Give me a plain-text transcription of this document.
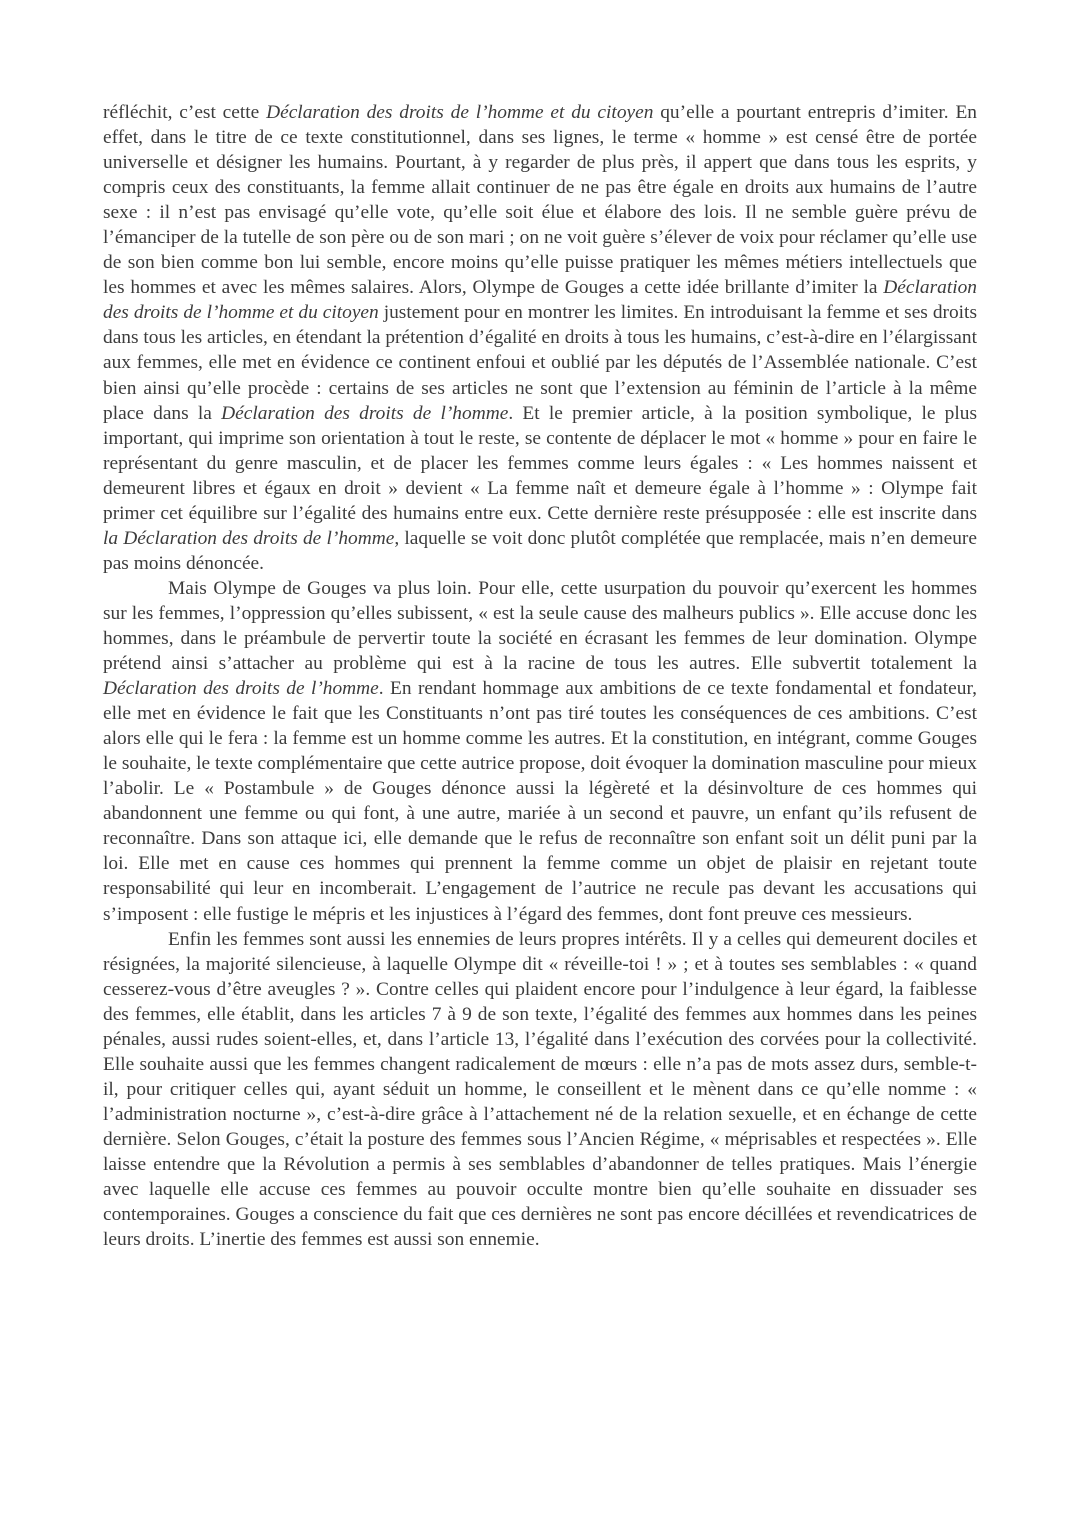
réfléchit, c’est cette Déclaration des droits de l’homme et du citoyen qu’elle a pourtant entrepris d’imiter. En effet, dans le titre de ce texte constitutionnel, dans ses lignes, le terme « homme » est censé être de portée universelle et désigner les humains. Pourtant, à y regarder de plus près, il appert que dans tous les esprits, y compris ceux des constituants, la femme allait continuer de ne pas être égale en droits aux humains de l’autre sexe : il n’est pas envisagé qu’elle vote, qu’elle soit élue et élabore des lois. Il ne semble guère prévu de l’émanciper de la tutelle de son père ou de son mari ; on ne voit guère s’élever de voix pour réclamer qu’elle use de son bien comme bon lui semble, encore moins qu’elle puisse pratiquer les mêmes métiers intellectuels que les hommes et avec les mêmes salaires. Alors, Olympe de Gouges a cette idée brillante d’imiter la Déclaration des droits de l’homme et du citoyen justement pour en montrer les limites. En introduisant la femme et ses droits dans tous les articles, en étendant la prétention d’égalité en droits à tous les humains, c’est-à-dire en l’élargissant aux femmes, elle met en évidence ce continent enfoui et oublié par les députés de l’Assemblée nationale. C’est bien ainsi qu’elle procède : certains de ses articles ne sont que l’extension au féminin de l’article à la même place dans la Déclaration des droits de l’homme. Et le premier article, à la position symbolique, le plus important, qui imprime son orientation à tout le reste, se contente de déplacer le mot « homme » pour en faire le représentant du genre masculin, et de placer les femmes comme leurs égales : « Les hommes naissent et demeurent libres et égaux en droit » devient « La femme naît et demeure égale à l’homme » : Olympe fait primer cet équilibre sur l’égalité des humains entre eux. Cette dernière reste présupposée : elle est inscrite dans la Déclaration des droits de l’homme, laquelle se voit donc plutôt complétée que remplacée, mais n’en demeure pas moins dénoncée.

Mais Olympe de Gouges va plus loin. Pour elle, cette usurpation du pouvoir qu’exercent les hommes sur les femmes, l’oppression qu’elles subissent, « est la seule cause des malheurs publics ». Elle accuse donc les hommes, dans le préambule de pervertir toute la société en écrasant les femmes de leur domination. Olympe prétend ainsi s’attacher au problème qui est à la racine de tous les autres. Elle subvertit totalement la Déclaration des droits de l’homme. En rendant hommage aux ambitions de ce texte fondamental et fondateur, elle met en évidence le fait que les Constituants n’ont pas tiré toutes les conséquences de ces ambitions. C’est alors elle qui le fera : la femme est un homme comme les autres. Et la constitution, en intégrant, comme Gouges le souhaite, le texte complémentaire que cette autrice propose, doit évoquer la domination masculine pour mieux l’abolir. Le « Postambule » de Gouges dénonce aussi la légèreté et la désinvolture de ces hommes qui abandonnent une femme ou qui font, à une autre, mariée à un second et pauvre, un enfant qu’ils refusent de reconnaître. Dans son attaque ici, elle demande que le refus de reconnaître son enfant soit un délit puni par la loi. Elle met en cause ces hommes qui prennent la femme comme un objet de plaisir en rejetant toute responsabilité qui leur en incomberait. L’engagement de l’autrice ne recule pas devant les accusations qui s’imposent : elle fustige le mépris et les injustices à l’égard des femmes, dont font preuve ces messieurs.

Enfin les femmes sont aussi les ennemies de leurs propres intérêts. Il y a celles qui demeurent dociles et résignées, la majorité silencieuse, à laquelle Olympe dit « réveille-toi ! » ; et à toutes ses semblables : « quand cesserez-vous d’être aveugles ? ». Contre celles qui plaident encore pour l’indulgence à leur égard, la faiblesse des femmes, elle établit, dans les articles 7 à 9 de son texte, l’égalité des femmes aux hommes dans les peines pénales, aussi rudes soient-elles, et, dans l’article 13, l’égalité dans l’exécution des corvées pour la collectivité. Elle souhaite aussi que les femmes changent radicalement de mœurs : elle n’a pas de mots assez durs, semble-t-il, pour critiquer celles qui, ayant séduit un homme, le conseillent et le mènent dans ce qu’elle nomme : « l’administration nocturne », c’est-à-dire grâce à l’attachement né de la relation sexuelle, et en échange de cette dernière. Selon Gouges, c’était la posture des femmes sous l’Ancien Régime, « méprisables et respectées ». Elle laisse entendre que la Révolution a permis à ses semblables d’abandonner de telles pratiques. Mais l’énergie avec laquelle elle accuse ces femmes au pouvoir occulte montre bien qu’elle souhaite en dissuader ses contemporaines. Gouges a conscience du fait que ces dernières ne sont pas encore décillées et revendicatrices de leurs droits. L’inertie des femmes est aussi son ennemie.
